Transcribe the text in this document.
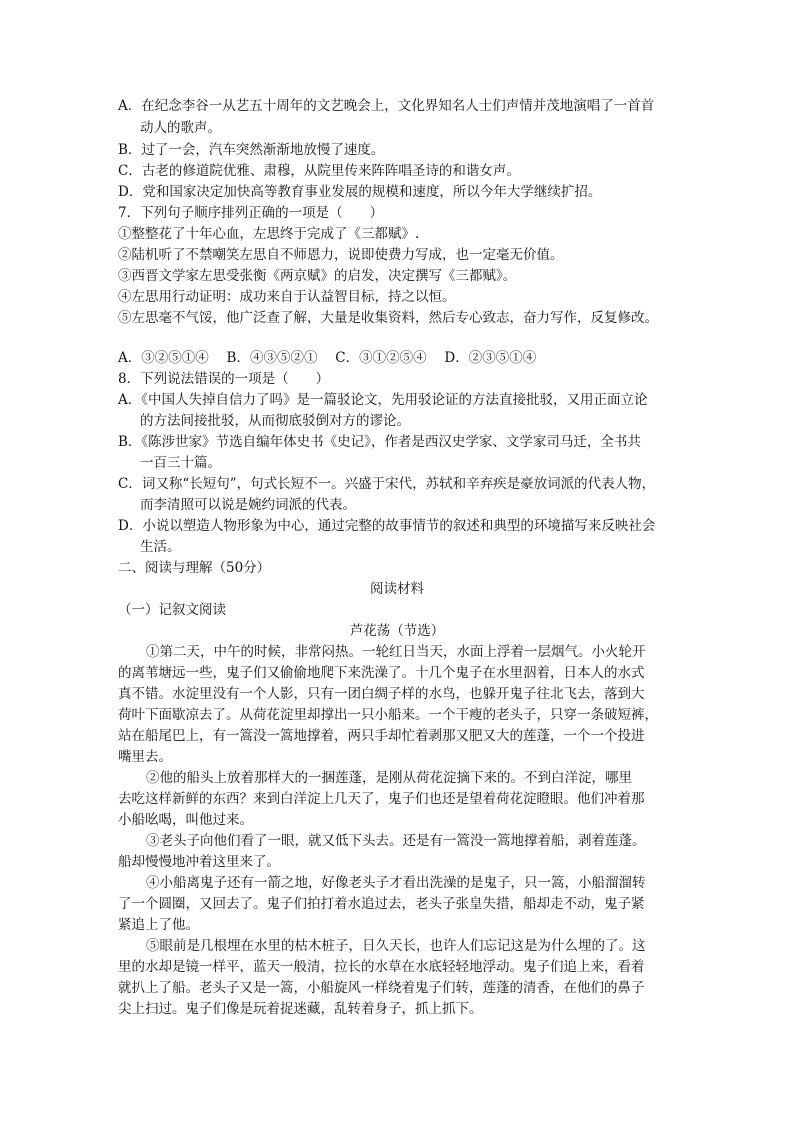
A．在纪念李谷一从艺五十周年的文艺晚会上，文化界知名人士们声情并茂地演唱了一首首
动人的歌声。
B．过了一会，汽车突然渐渐地放慢了速度。
C．古老的修道院优雅、肃穆，从院里传来阵阵唱圣诗的和谐女声。
D．党和国家决定加快高等教育事业发展的规模和速度，所以今年大学继续扩招。
7．下列句子顺序排列正确的一项是（　　）
①整整花了十年心血，左思终于完成了《三都赋》.
②陆机听了不禁嘲笑左思自不师恩力，说即使费力写成，也一定毫无价值。
③西晋文学家左思受张衡《两京赋》的启发，决定撰写《三都赋》。
④左思用行动证明：成功来自于认益智目标，持之以恒。
⑤左思毫不气馁，他广泛查了解，大量是收集资料，然后专心致志，奋力写作，反复修改。
A．③②⑤①④　 B．④③⑤②①　 C．③①②⑤④　 D．②③⑤①④
8．下列说法错误的一项是（　　）
A．《中国人失掉自信力了吗》是一篇驳论文，先用驳论证的方法直接批驳，又用正面立论
的方法间接批驳，从而彻底驳倒对方的谬论。
B．《陈涉世家》节选自编年体史书《史记》，作者是西汉史学家、文学家司马迁，全书共
一百三十篇。
C．词又称“长短句”，句式长短不一。兴盛于宋代，苏轼和辛弃疾是豪放词派的代表人物，
而李清照可以说是婉约词派的代表。
D．小说以塑造人物形象为中心，通过完整的故事情节的叙述和典型的环境描写来反映社会
生活。
二、阅读与理解（50分）
阅读材料
（一）记叙文阅读
芦花荡（节选）
①第二天，中午的时候，非常闷热。一轮红日当天，水面上浮着一层烟气。小火轮开
的离苇塘远一些，鬼子们又偷偷地爬下来洗澡了。十几个鬼子在水里泅着，日本人的水式
真不错。水淀里没有一个人影，只有一团白绸子样的水鸟，也躲开鬼子往北飞去，落到大
荷叶下面歇凉去了。从荷花淀里却撑出一只小船来。一个干瘦的老头子，只穿一条破短裤，
站在船尾巴上，有一篙没一篙地撑着，两只手却忙着剥那又肥又大的莲蓬，一个一个投进
嘴里去。
②他的船头上放着那样大的一捆莲蓬，是刚从荷花淀摘下来的。不到白洋淀，哪里
去吃这样新鲜的东西？来到白洋淀上几天了，鬼子们也还是望着荷花淀瞪眼。他们冲着那
小船吆喝，叫他过来。
③老头子向他们看了一眼，就又低下头去。还是有一篙没一篙地撑着船，剥着莲蓬。
船却慢慢地冲着这里来了。
④小船离鬼子还有一箭之地，好像老头子才看出洗澡的是鬼子，只一篙，小船溜溜转
了一个圆圈，又回去了。鬼子们拍打着水追过去，老头子张皇失措，船却走不动，鬼子紧
紧追上了他。
⑤眼前是几根埋在水里的枯木桩子，日久天长，也许人们忘记这是为什么埋的了。这
里的水却是镜一样平，蓝天一般清，拉长的水草在水底轻轻地浮动。鬼子们追上来，看着
就扒上了船。老头子又是一篙，小船旋风一样绕着鬼子们转，莲蓬的清香，在他们的鼻子
尖上扫过。鬼子们像是玩着捉迷藏，乱转着身子，抓上抓下。
